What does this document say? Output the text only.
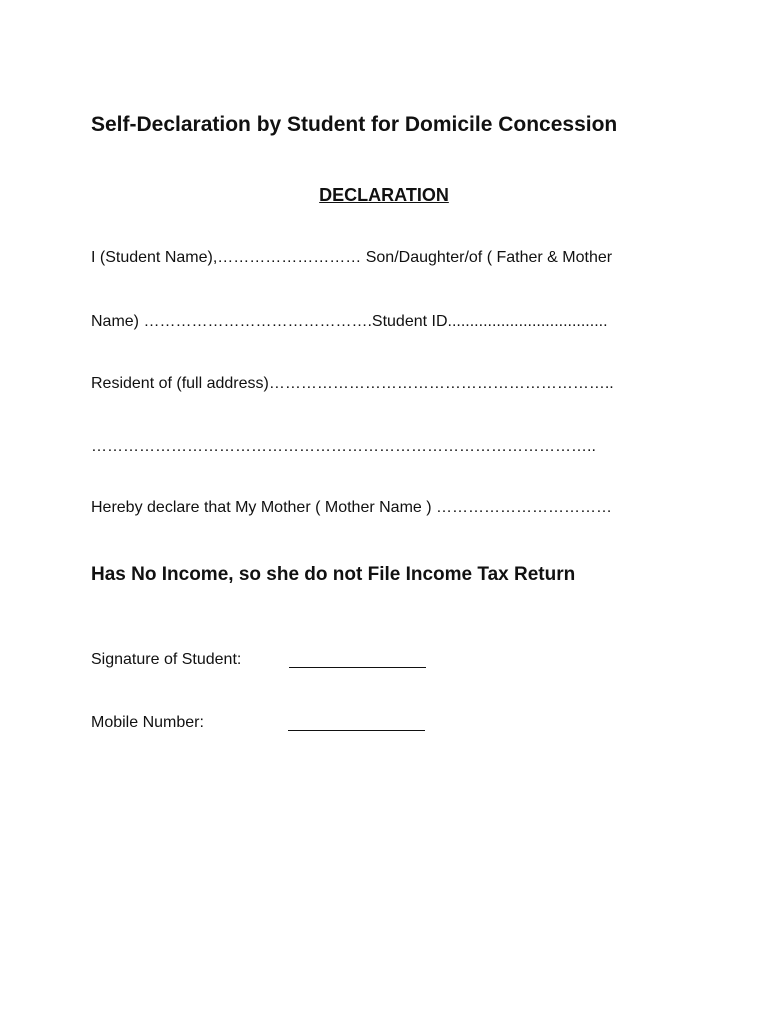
Self-Declaration by Student for Domicile Concession
DECLARATION
I (Student Name),……………………… Son/Daughter/of ( Father & Mother
Name) …………………………………….Student ID....................................
Resident of (full address)………………………………………………………..
…………………………………………………………………………………..
Hereby declare that My Mother ( Mother Name ) ……………………………
Has No Income, so she do not File Income Tax Return
Signature of Student:
Mobile Number:
